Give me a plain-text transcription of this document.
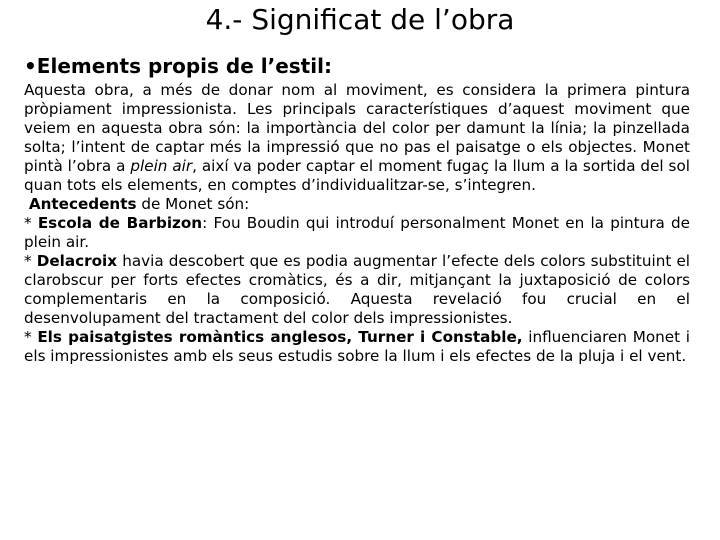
4.- Significat de l’obra
•Elements propis de l’estil:

Aquesta obra, a més de donar nom al moviment, es considera la primera pintura pròpiament impressionista. Les principals característiques d’aquest moviment que veiem en aquesta obra són: la importància del color per damunt la línia; la pinzellada solta; l’intent de captar més la impressió que no pas el paisatge o els objectes. Monet pintà l’obra a plein air, així va poder captar el moment fugaç la llum a la sortida del sol quan tots els elements, en comptes d’individualitzar-se, s’integren.

Antecedents de Monet són:

* Escola de Barbizon: Fou Boudin qui introduí personalment Monet en la pintura de plein air.

* Delacroix havia descobert que es podia augmentar l’efecte dels colors substituint el clarobscur per forts efectes cromàtics, és a dir, mitjançant la juxtaposició de colors complementaris en la composició. Aquesta revelació fou crucial en el desenvolupament del tractament del color dels impressionistes.

* Els paisatgistes romàntics anglesos, Turner i Constable, influenciaren Monet i els impressionistes amb els seus estudis sobre la llum i els efectes de la pluja i el vent.
